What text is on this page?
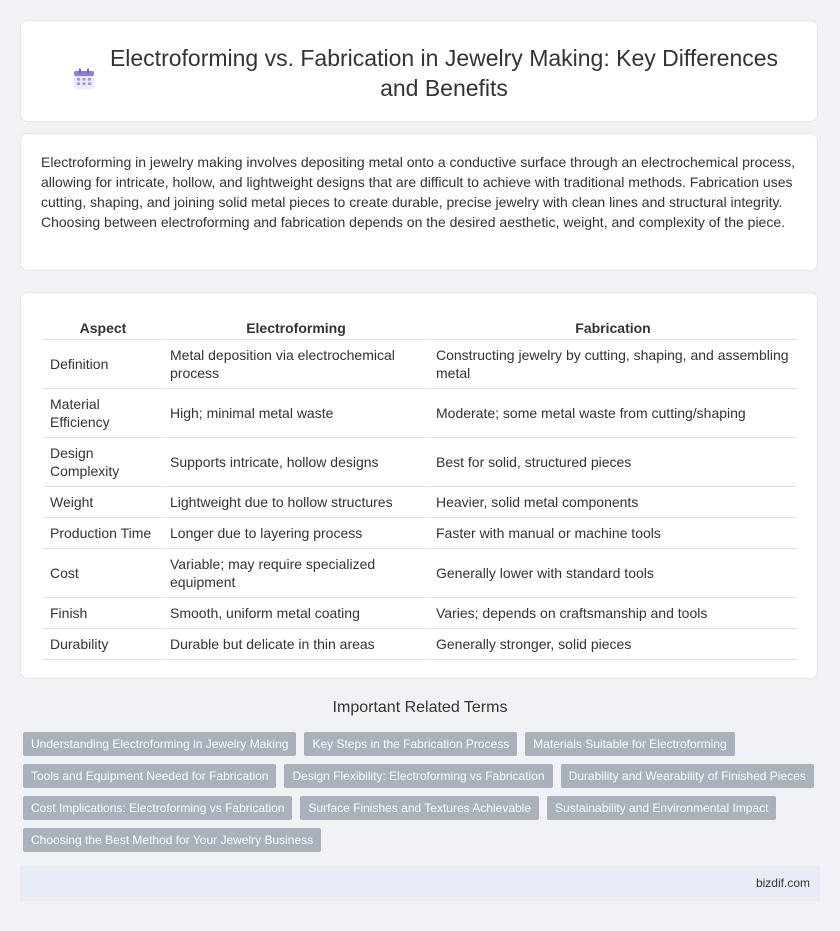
Electroforming vs. Fabrication in Jewelry Making: Key Differences and Benefits

Electroforming in jewelry making involves depositing metal onto a conductive surface through an electrochemical process, allowing for intricate, hollow, and lightweight designs that are difficult to achieve with traditional methods. Fabrication uses cutting, shaping, and joining solid metal pieces to create durable, precise jewelry with clean lines and structural integrity. Choosing between electroforming and fabrication depends on the desired aesthetic, weight, and complexity of the piece.

Aspect	Electroforming	Fabrication
Definition	Metal deposition via electrochemical process	Constructing jewelry by cutting, shaping, and assembling metal
Material Efficiency	High; minimal metal waste	Moderate; some metal waste from cutting/shaping
Design Complexity	Supports intricate, hollow designs	Best for solid, structured pieces
Weight	Lightweight due to hollow structures	Heavier, solid metal components
Production Time	Longer due to layering process	Faster with manual or machine tools
Cost	Variable; may require specialized equipment	Generally lower with standard tools
Finish	Smooth, uniform metal coating	Varies; depends on craftsmanship and tools
Durability	Durable but delicate in thin areas	Generally stronger, solid pieces
Important Related Terms
Understanding Electroforming in Jewelry Making	Key Steps in the Fabrication Process	Materials Suitable for Electroforming
Tools and Equipment Needed for Fabrication	Design Flexibility: Electroforming vs Fabrication	Durability and Wearability of Finished Pieces
Cost Implications: Electroforming vs Fabrication	Surface Finishes and Textures Achievable	Sustainability and Environmental Impact
Choosing the Best Method for Your Jewelry Business
bizdif.com
